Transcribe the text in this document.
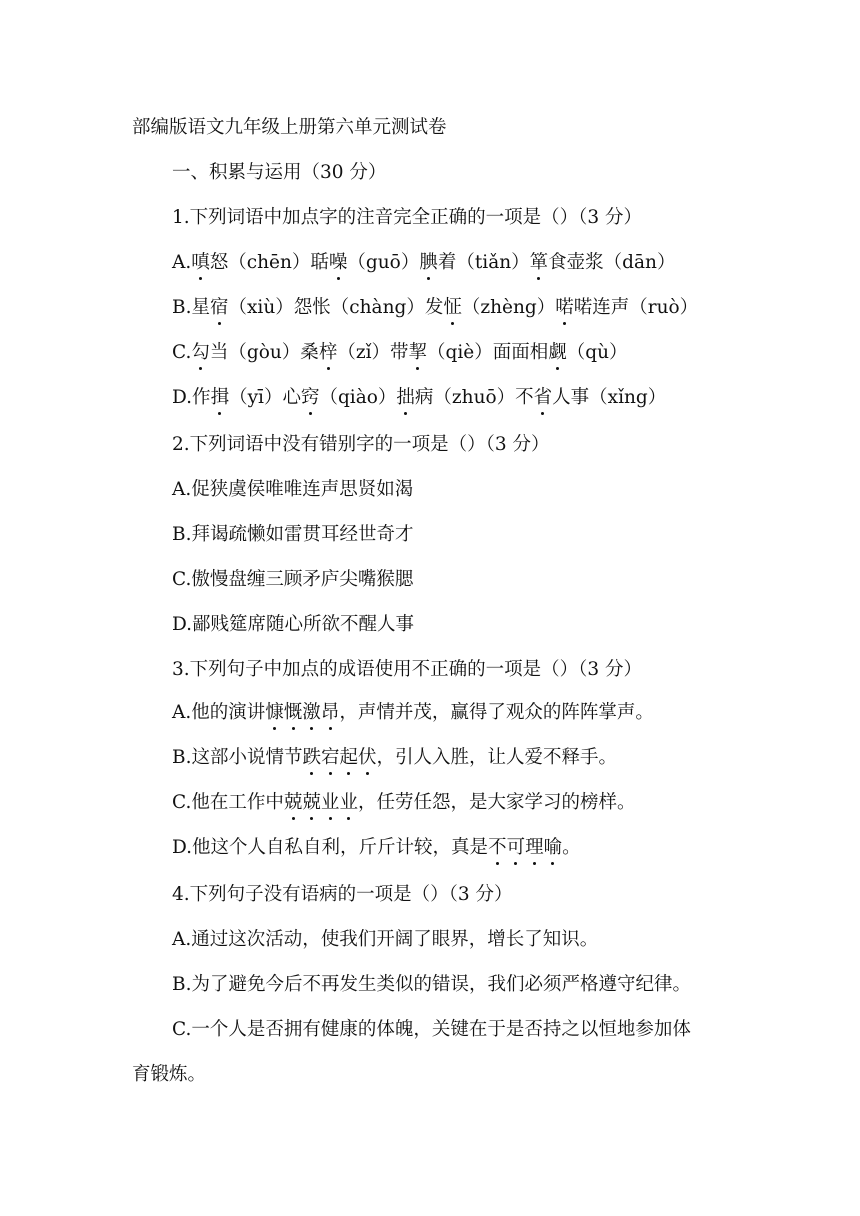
部编版语文九年级上册第六单元测试卷
一、积累与运用（30 分）
1.下列词语中加点字的注音完全正确的一项是（）（3 分）
A.嗔怒（chēn）聒噪（guō）腆着（tiǎn）箪食壶浆（dān）
B.星宿（xiù）怨怅（chàng）发怔（zhèng）喏喏连声（ruò）
C.勾当（gòu）桑梓（zǐ）带挈（qiè）面面相觑（qù）
D.作揖（yī）心窍（qiào）拙病（zhuō）不省人事（xǐng）
2.下列词语中没有错别字的一项是（）（3 分）
A.促狭虞侯唯唯连声思贤如渴
B.拜谒疏懒如雷贯耳经世奇才
C.傲慢盘缠三顾矛庐尖嘴猴腮
D.鄙贱筵席随心所欲不醒人事
3.下列句子中加点的成语使用不正确的一项是（）（3 分）
A.他的演讲慷慨激昂，声情并茂，赢得了观众的阵阵掌声。
B.这部小说情节跌宕起伏，引人入胜，让人爱不释手。
C.他在工作中兢兢业业，任劳任怨，是大家学习的榜样。
D.他这个人自私自利，斤斤计较，真是不可理喻。
4.下列句子没有语病的一项是（）（3 分）
A.通过这次活动，使我们开阔了眼界，增长了知识。
B.为了避免今后不再发生类似的错误，我们必须严格遵守纪律。
C.一个人是否拥有健康的体魄，关键在于是否持之以恒地参加体
育锻炼。
